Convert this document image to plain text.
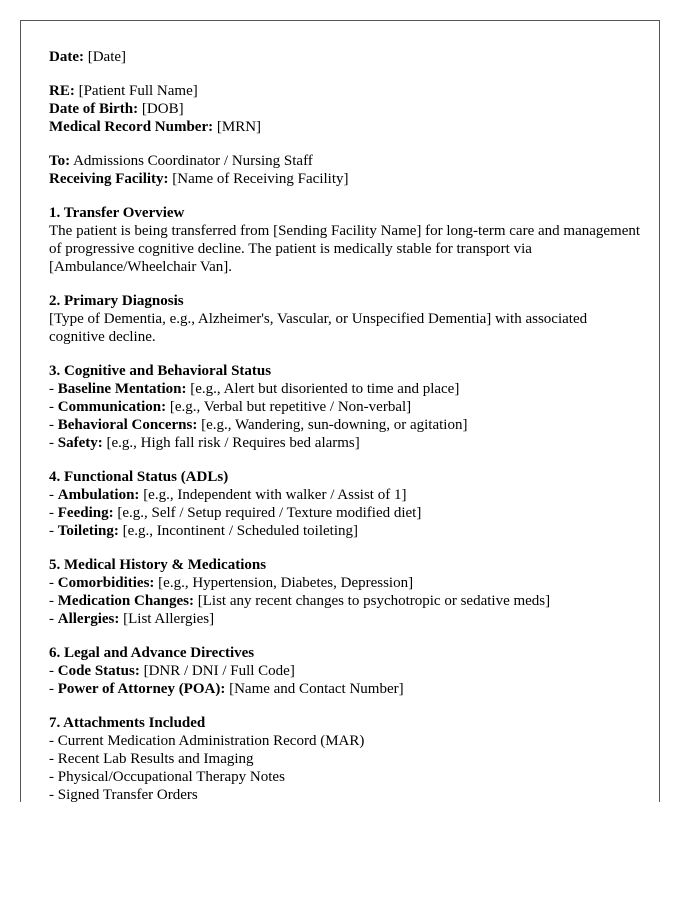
Date: [Date]
RE: [Patient Full Name]
Date of Birth: [DOB]
Medical Record Number: [MRN]
To: Admissions Coordinator / Nursing Staff
Receiving Facility: [Name of Receiving Facility]
1. Transfer Overview
The patient is being transferred from [Sending Facility Name] for long-term care and management of progressive cognitive decline. The patient is medically stable for transport via [Ambulance/Wheelchair Van].
2. Primary Diagnosis
[Type of Dementia, e.g., Alzheimer's, Vascular, or Unspecified Dementia] with associated cognitive decline.
3. Cognitive and Behavioral Status
- Baseline Mentation: [e.g., Alert but disoriented to time and place]
- Communication: [e.g., Verbal but repetitive / Non-verbal]
- Behavioral Concerns: [e.g., Wandering, sun-downing, or agitation]
- Safety: [e.g., High fall risk / Requires bed alarms]
4. Functional Status (ADLs)
- Ambulation: [e.g., Independent with walker / Assist of 1]
- Feeding: [e.g., Self / Setup required / Texture modified diet]
- Toileting: [e.g., Incontinent / Scheduled toileting]
5. Medical History & Medications
- Comorbidities: [e.g., Hypertension, Diabetes, Depression]
- Medication Changes: [List any recent changes to psychotropic or sedative meds]
- Allergies: [List Allergies]
6. Legal and Advance Directives
- Code Status: [DNR / DNI / Full Code]
- Power of Attorney (POA): [Name and Contact Number]
7. Attachments Included
- Current Medication Administration Record (MAR)
- Recent Lab Results and Imaging
- Physical/Occupational Therapy Notes
- Signed Transfer Orders
